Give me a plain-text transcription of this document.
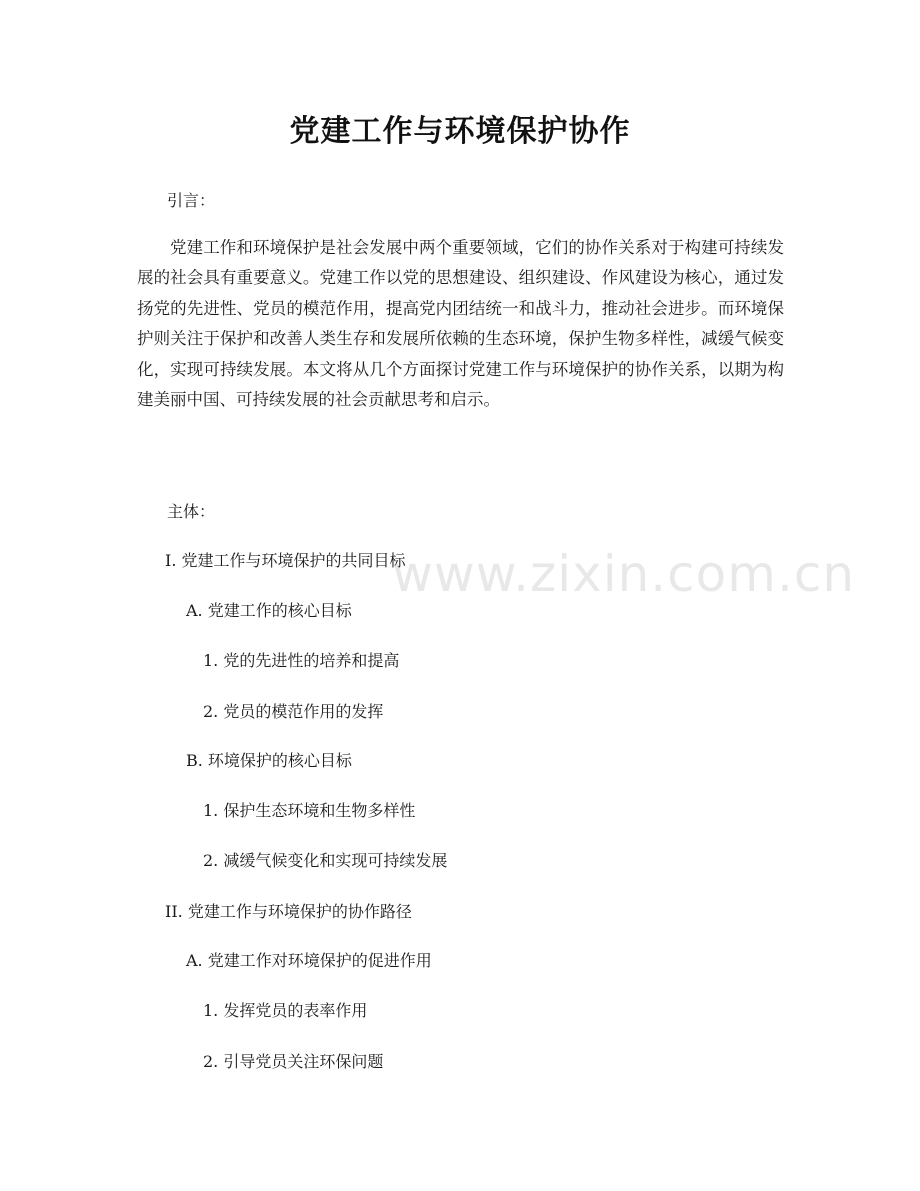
党建工作与环境保护协作
引言：

党建工作和环境保护是社会发展中两个重要领域，它们的协作关系对于构建可持续发展的社会具有重要意义。党建工作以党的思想建设、组织建设、作风建设为核心，通过发扬党的先进性、党员的模范作用，提高党内团结统一和战斗力，推动社会进步。而环境保护则关注于保护和改善人类生存和发展所依赖的生态环境，保护生物多样性，减缓气候变化，实现可持续发展。本文将从几个方面探讨党建工作与环境保护的协作关系，以期为构建美丽中国、可持续发展的社会贡献思考和启示。

主体：
I. 党建工作与环境保护的共同目标
A. 党建工作的核心目标
1. 党的先进性的培养和提高
2. 党员的模范作用的发挥
B. 环境保护的核心目标
1. 保护生态环境和生物多样性
2. 减缓气候变化和实现可持续发展
II. 党建工作与环境保护的协作路径
A. 党建工作对环境保护的促进作用
1. 发挥党员的表率作用
2. 引导党员关注环保问题
www.zixin.com.cn
